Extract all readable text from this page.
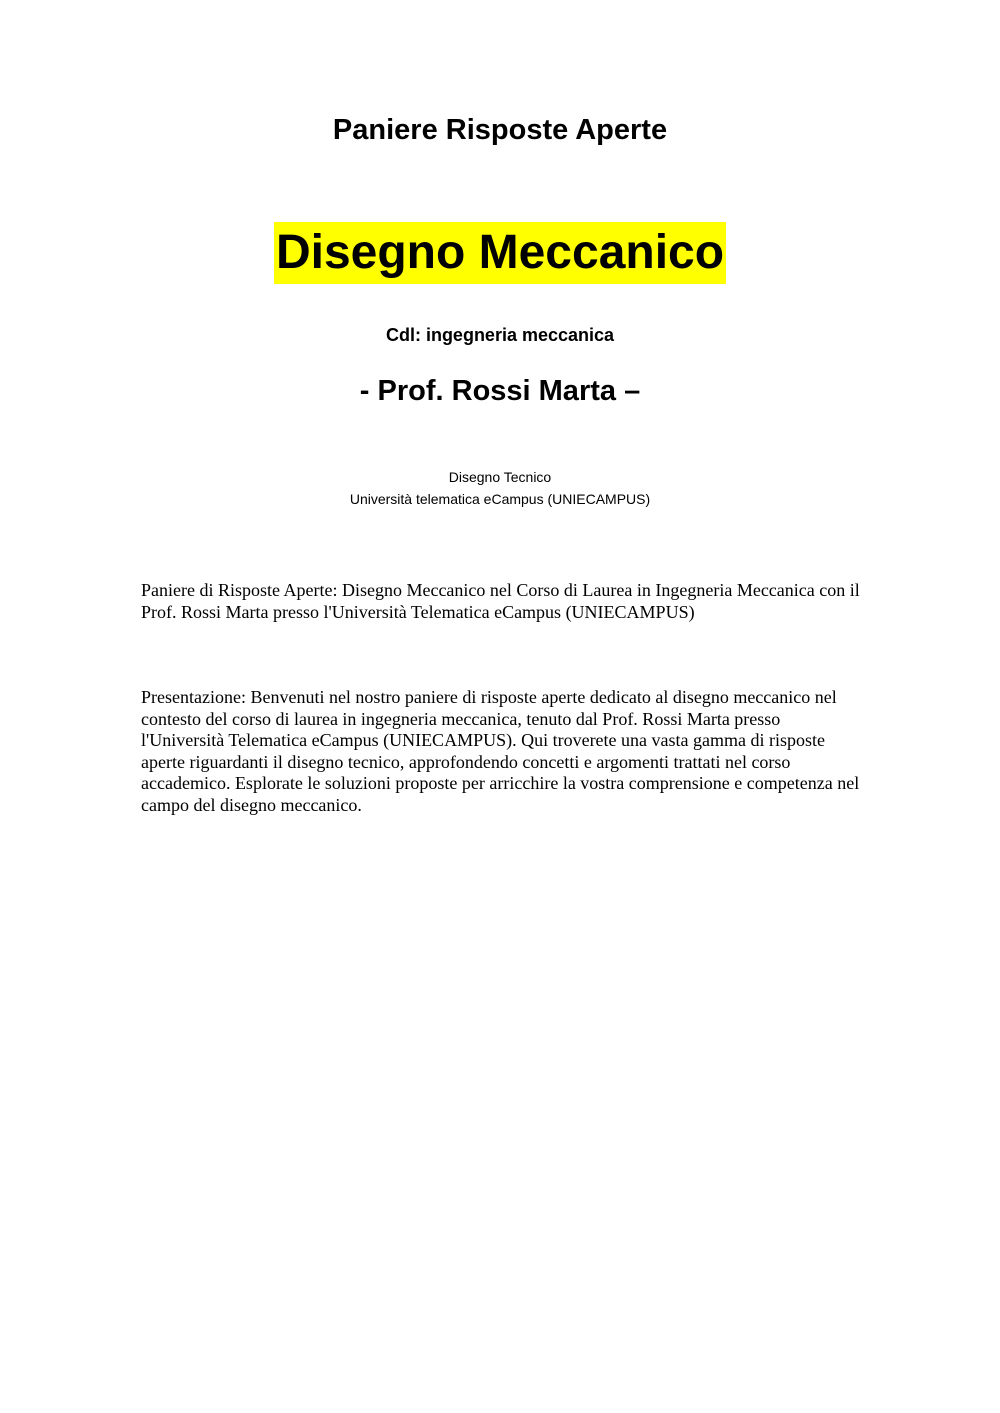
Paniere Risposte Aperte
Disegno Meccanico
Cdl: ingegneria meccanica
- Prof. Rossi Marta –
Disegno Tecnico
Università telematica eCampus (UNIECAMPUS)

Paniere di Risposte Aperte: Disegno Meccanico nel Corso di Laurea in Ingegneria Meccanica con il Prof. Rossi Marta presso l'Università Telematica eCampus (UNIECAMPUS)

Presentazione: Benvenuti nel nostro paniere di risposte aperte dedicato al disegno meccanico nel contesto del corso di laurea in ingegneria meccanica, tenuto dal Prof. Rossi Marta presso l'Università Telematica eCampus (UNIECAMPUS). Qui troverete una vasta gamma di risposte aperte riguardanti il disegno tecnico, approfondendo concetti e argomenti trattati nel corso accademico. Esplorate le soluzioni proposte per arricchire la vostra comprensione e competenza nel campo del disegno meccanico.
